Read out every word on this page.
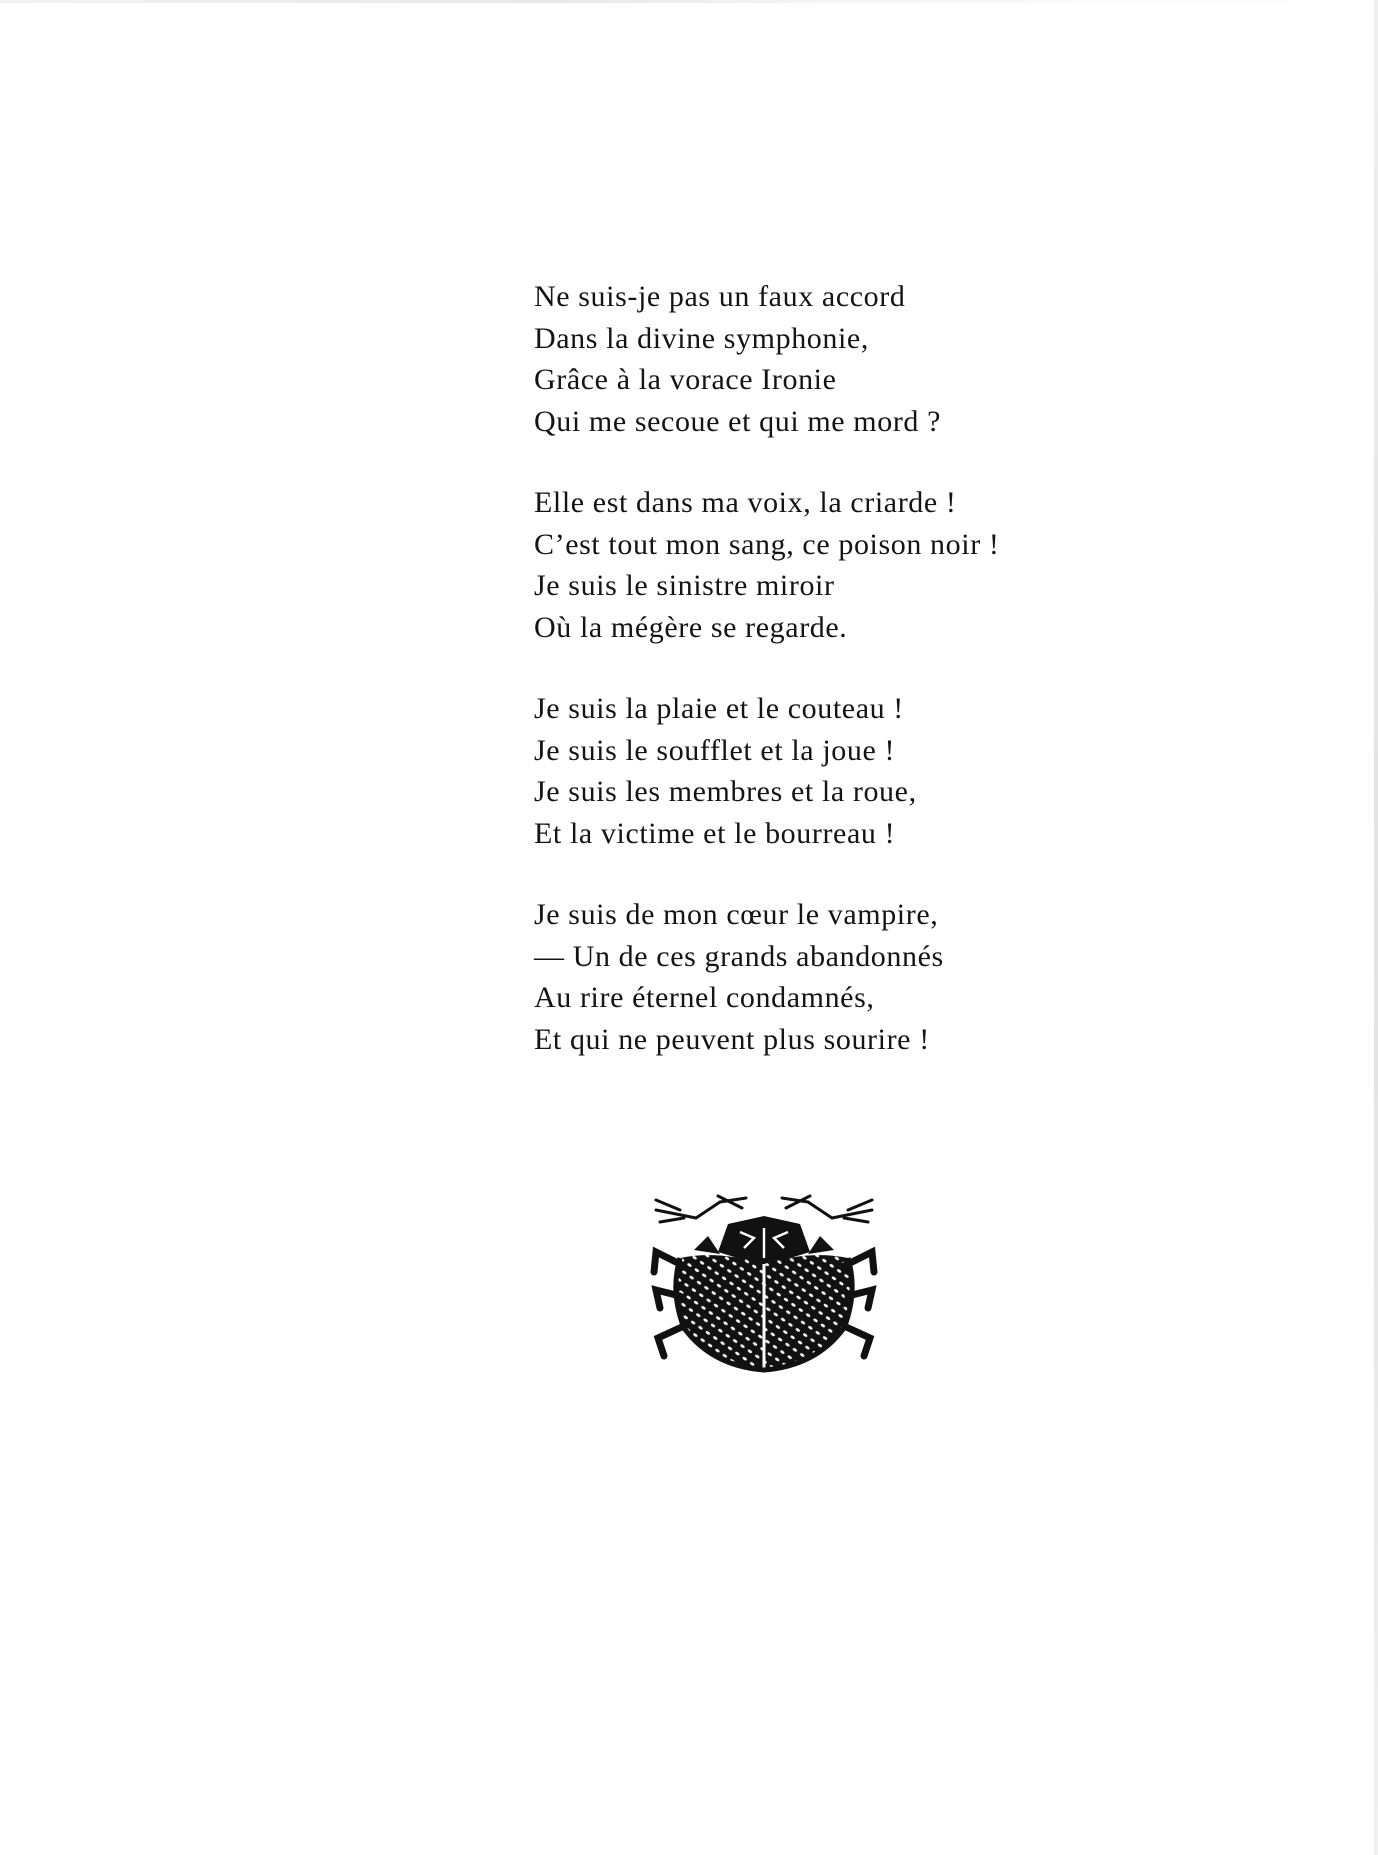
Ne suis-je pas un faux accord
Dans la divine symphonie,
Grâce à la vorace Ironie
Qui me secoue et qui me mord ?
Elle est dans ma voix, la criarde !
C’est tout mon sang, ce poison noir !
Je suis le sinistre miroir
Où la mégère se regarde.
Je suis la plaie et le couteau !
Je suis le soufflet et la joue !
Je suis les membres et la roue,
Et la victime et le bourreau !
Je suis de mon cœur le vampire,
— Un de ces grands abandonnés
Au rire éternel condamnés,
Et qui ne peuvent plus sourire !
